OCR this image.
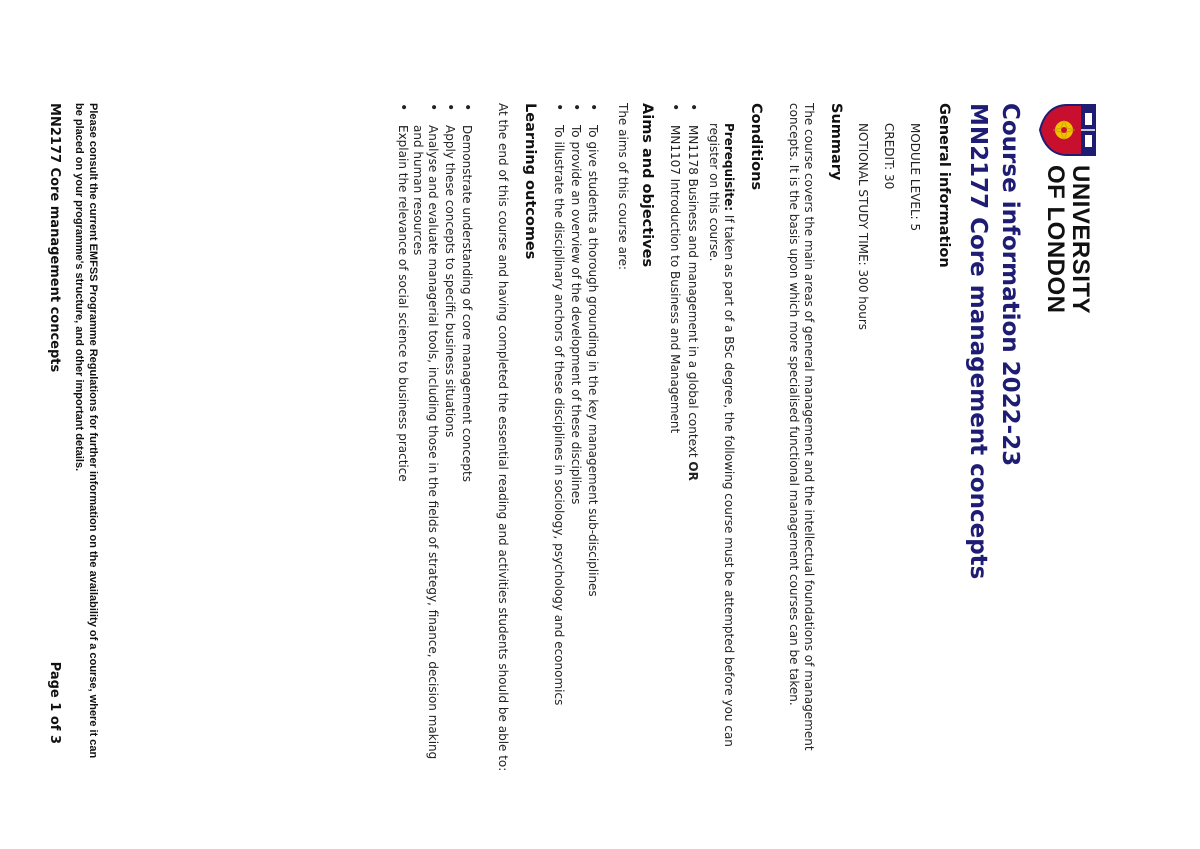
UNIVERSITY
OF LONDON
Course information 2022-23
MN2177 Core management concepts
General information
MODULE LEVEL: 5
CREDIT: 30
NOTIONAL STUDY TIME: 300 hours
Summary
The course covers the main areas of general management and the intellectual foundations of management concepts. It is the basis upon which more specialised functional management courses can be taken.
Conditions
Prerequisite: If taken as part of a BSc degree, the following course must be attempted before you can register on this course.
•
MN1178 Business and management in a global context OR
•
MN1107 Introduction to Business and Management
Aims and objectives
The aims of this course are:
•
To give students a thorough grounding in the key management sub-disciplines
•
To provide an overview of the development of these disciplines
•
To illustrate the disciplinary anchors of these disciplines in sociology, psychology and economics
Learning outcomes
Please consult the current EMFSS Programme Regulations for further information on the availability of a course, where it can be placed on your programme's structure, and other important details.
MN2177 Core management concepts
Page 1 of 3	At the end of this course and having completed the essential reading and activities students should be able to:
•
Demonstrate understanding of core management concepts
•
Apply these concepts to specific business situations
•
Analyse and evaluate managerial tools, including those in the fields of strategy, finance, decision making and human resources
•
Explain the relevance of social science to business practice
